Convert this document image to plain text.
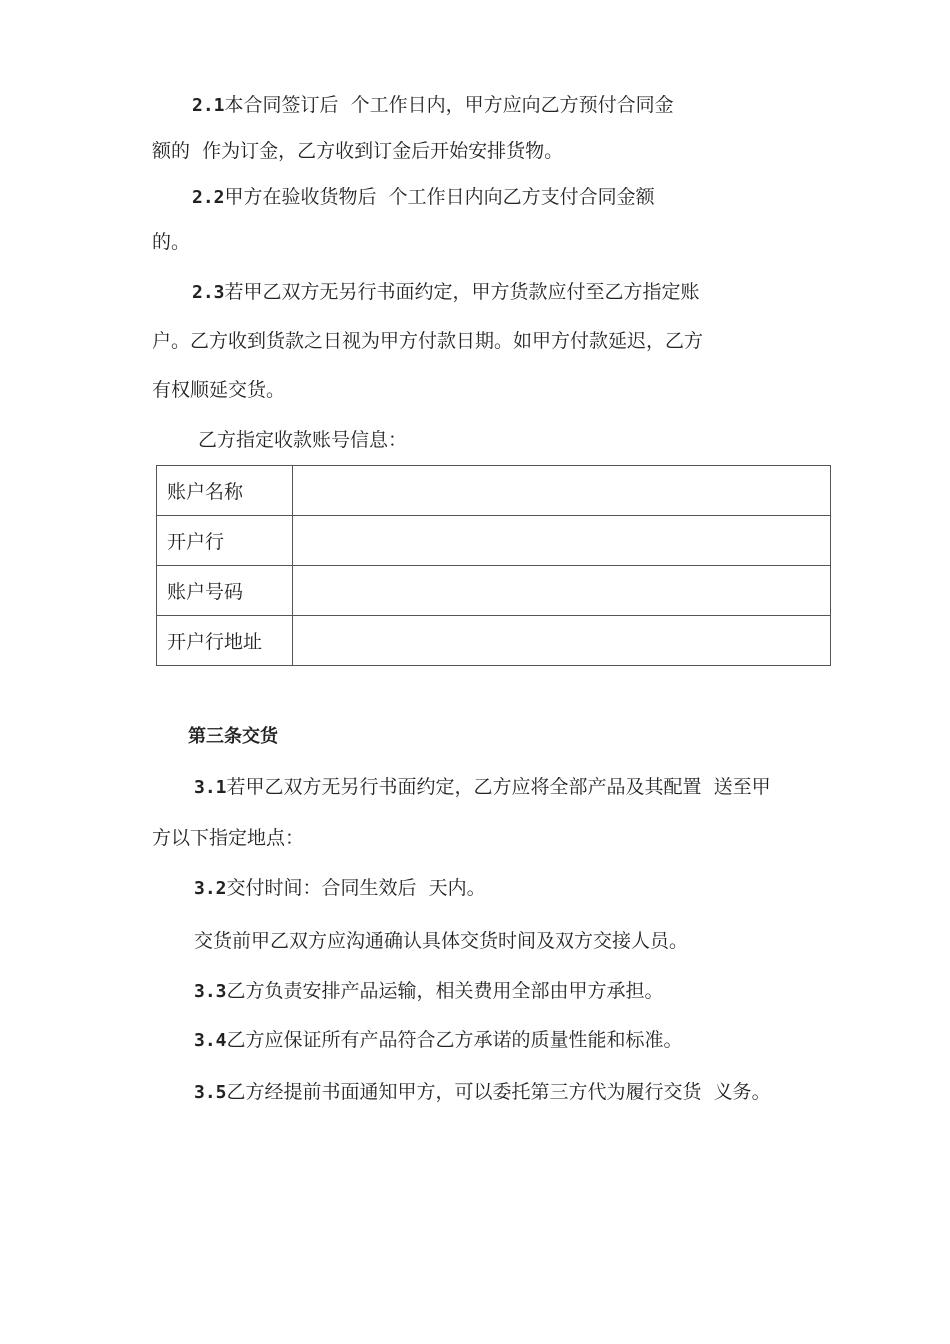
2.1本合同签订后  个工作日内，甲方应向乙方预付合同金
额的  作为订金，乙方收到订金后开始安排货物。
2.2甲方在验收货物后  个工作日内向乙方支付合同金额
的。
2.3若甲乙双方无另行书面约定，甲方货款应付至乙方指定账
户。乙方收到货款之日视为甲方付款日期。如甲方付款延迟，乙方
有权顺延交货。
乙方指定收款账号信息：
账户名称	
开户行	
账户号码	
开户行地址	
第三条交货
3.1若甲乙双方无另行书面约定，乙方应将全部产品及其配置  送至甲
方以下指定地点：
3.2交付时间：合同生效后  天内。
交货前甲乙双方应沟通确认具体交货时间及双方交接人员。
3.3乙方负责安排产品运输，相关费用全部由甲方承担。
3.4乙方应保证所有产品符合乙方承诺的质量性能和标准。
3.5乙方经提前书面通知甲方，可以委托第三方代为履行交货  义务。
